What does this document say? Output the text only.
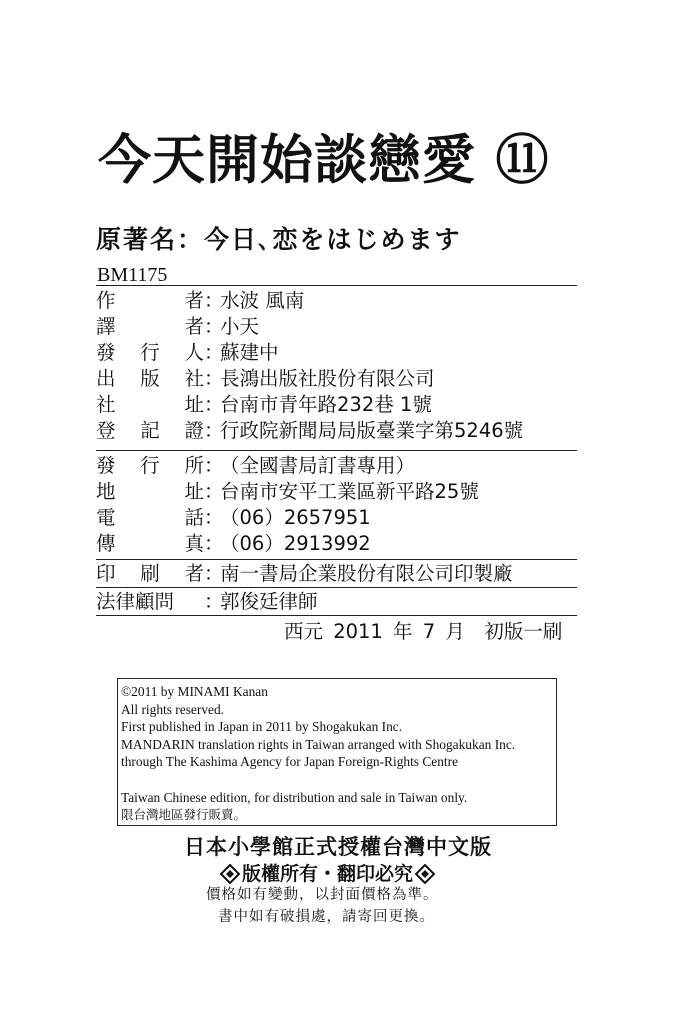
今天開始談戀愛 ⑪
原著名：今日､恋をはじめます
BM1175
作	者 ：
水波 風南
譯	者 ：
小天
發 行 人 ：
蘇建中
出 版 社 ：
長鴻出版社股份有限公司
社	址 ：
台南市青年路232巷 1號
登 記 證 ：
行政院新聞局局版臺業字第5246號
發 行 所 ：
（全國書局訂書專用）
地	址 ：
台南市安平工業區新平路25號
電	話 ：
（06）2657951
傳	真 ：
（06）2913992
印 刷 者 ：
南一書局企業股份有限公司印製廠
法律顧問	：
郭俊廷律師
西元 2011 年 7 月　初版一刷
©2011 by MINAMI Kanan
All rights reserved.
First published in Japan in 2011 by Shogakukan Inc.
MANDARIN translation rights in Taiwan arranged with Shogakukan Inc.
through The Kashima Agency for Japan Foreign-Rights Centre
Taiwan Chinese edition, for distribution and sale in Taiwan only.
限台灣地區發行販賣。
日本小學館正式授權台灣中文版
版權所有・翻印必究
價格如有變動，以封面價格為準。
書中如有破損處，請寄回更換。
